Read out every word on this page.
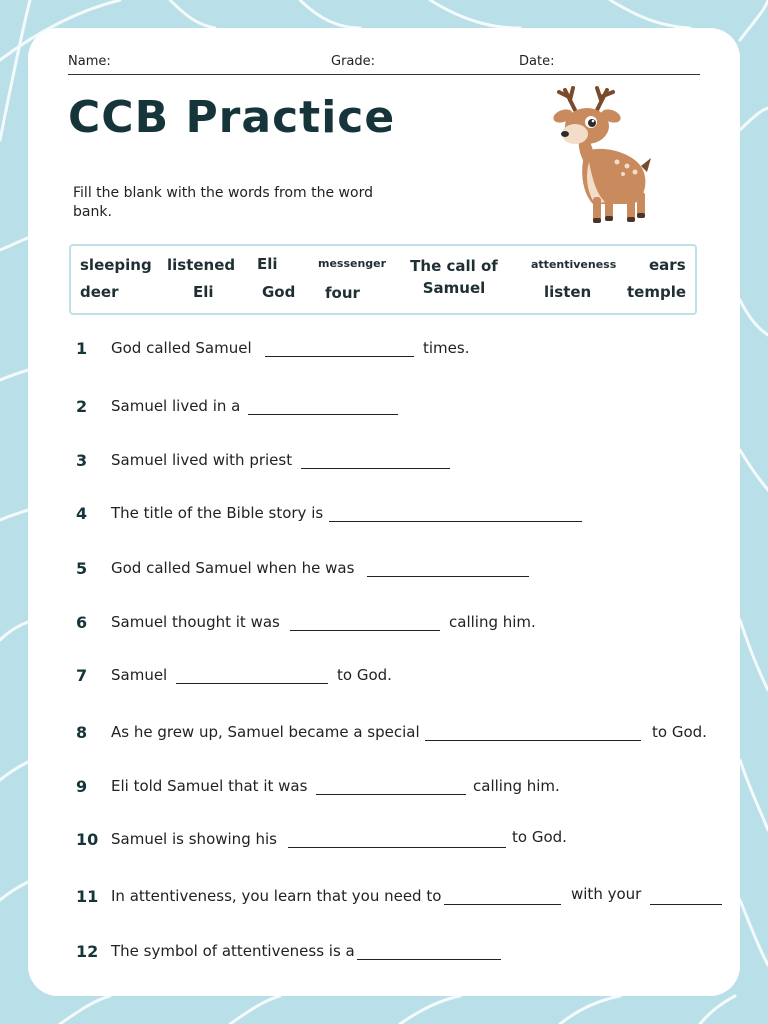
Name:	Grade:	Date:
CCB Practice
Fill the blank with the words from the word bank.
sleeping listened Eli	messenger The call of Samuel
attentiveness ears
deer	Eli	God four	listen temple
1 God called Samuel	times.
2 Samuel lived in a
3 Samuel lived with priest
4 The title of the Bible story is
5 God called Samuel when he was
6 Samuel thought it was	calling him.
7 Samuel	to God.
8 As he grew up, Samuel became a special	to God.
9 Eli told Samuel that it was	calling him.
10 Samuel is showing his	to God.
11 In attentiveness, you learn that you need to	with your
12 The symbol of attentiveness is a
